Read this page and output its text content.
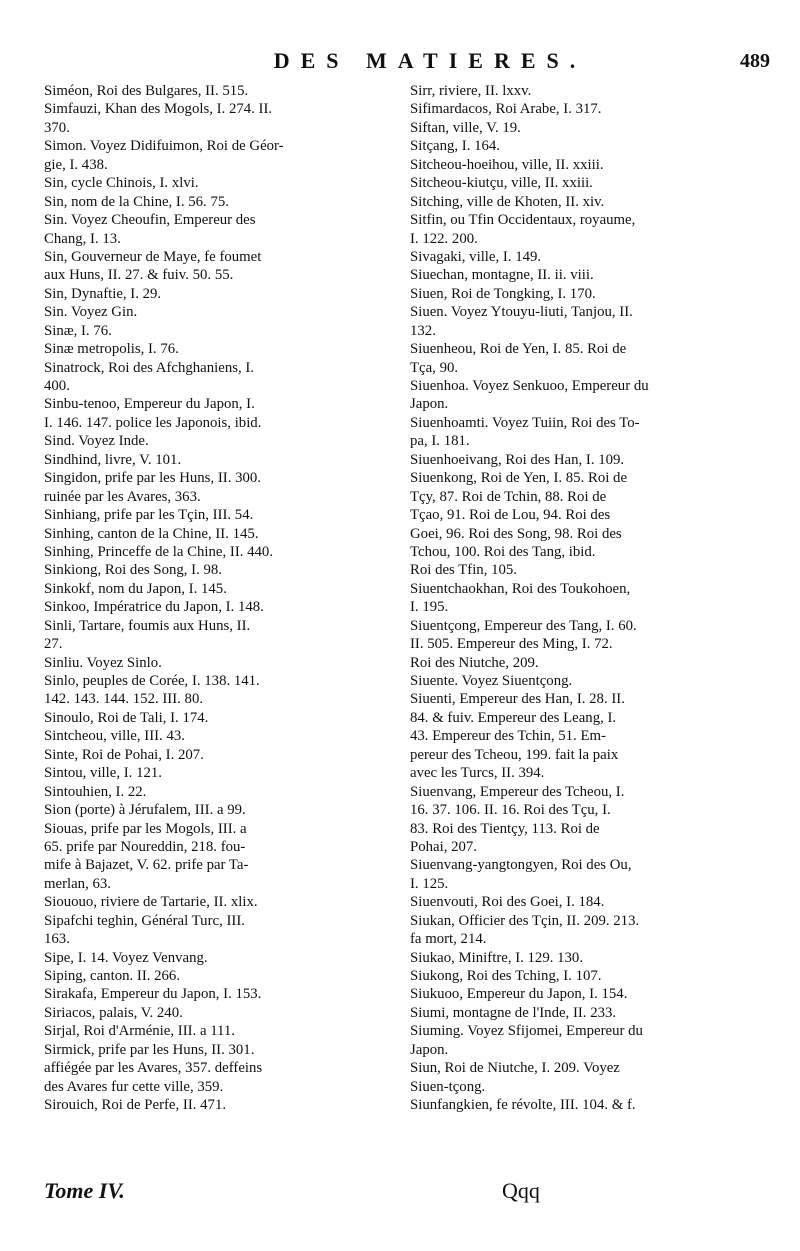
DES MATIERES.	489
Siméon, Roi des Bulgares, II. 515.
Simfauzi, Khan des Mogols, I. 274. II.
370.
Simon. Voyez Didifuimon, Roi de Géor-
gie, I. 438.
Sin, cycle Chinois, I. xlvi.
Sin, nom de la Chine, I. 56. 75.
Sin. Voyez Cheoufin, Empereur des
Chang, I. 13.
Sin, Gouverneur de Maye, fe foumet
aux Huns, II. 27. & fuiv. 50. 55.
Sin, Dynaftie, I. 29.
Sin. Voyez Gin.
Sinæ, I. 76.
Sinæ metropolis, I. 76.
Sinatrock, Roi des Afchghaniens, I.
400.
Sinbu-tenoo, Empereur du Japon, I.
I. 146. 147. police les Japonois, ibid.
Sind. Voyez Inde.
Sindhind, livre, V. 101.
Singidon, prife par les Huns, II. 300.
ruinée par les Avares, 363.
Sinhiang, prife par les Tçin, III. 54.
Sinhing, canton de la Chine, II. 145.
Sinhing, Princeffe de la Chine, II. 440.
Sinkiong, Roi des Song, I. 98.
Sinkokf, nom du Japon, I. 145.
Sinkoo, Impératrice du Japon, I. 148.
Sinli, Tartare, foumis aux Huns, II.
27.
Sinliu. Voyez Sinlo.
Sinlo, peuples de Corée, I. 138. 141.
142. 143. 144. 152. III. 80.
Sinoulo, Roi de Tali, I. 174.
Sintcheou, ville, III. 43.
Sinte, Roi de Pohai, I. 207.
Sintou, ville, I. 121.
Sintouhien, I. 22.
Sion (porte) à Jérufalem, III. a 99.
Siouas, prife par les Mogols, III. a
65. prife par Noureddin, 218. fou-
mife à Bajazet, V. 62. prife par Ta-
merlan, 63.
Siououo, riviere de Tartarie, II. xlix.
Sipafchi teghin, Général Turc, III.
163.
Sipe, I. 14. Voyez Venvang.
Siping, canton. II. 266.
Sirakafa, Empereur du Japon, I. 153.
Siriacos, palais, V. 240.
Sirjal, Roi d'Arménie, III. a 111.
Sirmick, prife par les Huns, II. 301.
affiégée par les Avares, 357. deffeins
des Avares fur cette ville, 359.
Sirouich, Roi de Perfe, II. 471.
Sirr, riviere, II. lxxv.
Sifimardacos, Roi Arabe, I. 317.
Siftan, ville, V. 19.
Sitçang, I. 164.
Sitcheou-hoeihou, ville, II. xxiii.
Sitcheou-kiutçu, ville, II. xxiii.
Sitching, ville de Khoten, II. xiv.
Sitfin, ou Tfin Occidentaux, royaume,
I. 122. 200.
Sivagaki, ville, I. 149.
Siuechan, montagne, II. ii. viii.
Siuen, Roi de Tongking, I. 170.
Siuen. Voyez Ytouyu-liuti, Tanjou, II.
132.
Siuenheou, Roi de Yen, I. 85. Roi de
Tça, 90.
Siuenhoa. Voyez Senkuoo, Empereur du
Japon.
Siuenhoamti. Voyez Tuiin, Roi des To-
pa, I. 181.
Siuenhoeivang, Roi des Han, I. 109.
Siuenkong, Roi de Yen, I. 85. Roi de
Tçy, 87. Roi de Tchin, 88. Roi de
Tçao, 91. Roi de Lou, 94. Roi des
Goei, 96. Roi des Song, 98. Roi des
Tchou, 100. Roi des Tang, ibid.
Roi des Tfin, 105.
Siuentchaokhan, Roi des Toukohoen,
I. 195.
Siuentçong, Empereur des Tang, I. 60.
II. 505. Empereur des Ming, I. 72.
Roi des Niutche, 209.
Siuente. Voyez Siuentçong.
Siuenti, Empereur des Han, I. 28. II.
84. & fuiv. Empereur des Leang, I.
43. Empereur des Tchin, 51. Em-
pereur des Tcheou, 199. fait la paix
avec les Turcs, II. 394.
Siuenvang, Empereur des Tcheou, I.
16. 37. 106. II. 16. Roi des Tçu, I.
83. Roi des Tientçy, 113. Roi de
Pohai, 207.
Siuenvang-yangtongyen, Roi des Ou,
I. 125.
Siuenvouti, Roi des Goei, I. 184.
Siukan, Officier des Tçin, II. 209. 213.
fa mort, 214.
Siukao, Miniftre, I. 129. 130.
Siukong, Roi des Tching, I. 107.
Siukuoo, Empereur du Japon, I. 154.
Siumi, montagne de l'Inde, II. 233.
Siuming. Voyez Sfijomei, Empereur du
Japon.
Siun, Roi de Niutche, I. 209. Voyez
Siuen-tçong.
Siunfangkien, fe révolte, III. 104. & f.
Tome IV.	Qqq
